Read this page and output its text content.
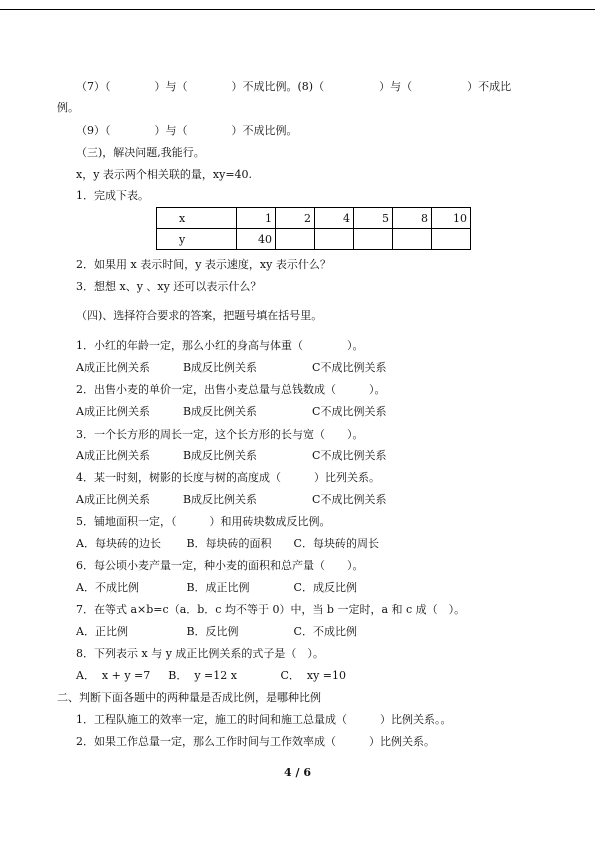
（7）（　　　　）与（　　　　）不成比例。(8)（　　　　　）与（　　　　　）不成比
例。
（9）（　　　　）与（　　　　）不成比例。
（三)，解决问题,我能行。
x，y 表示两个相关联的量，xy=40.
1．完成下表。
x	1	2	4	5	8	10
y	40					
2．如果用 x 表示时间，y 表示速度，xy 表示什么？
3．想想 x、y 、xy 还可以表示什么？
（四)、选择符合要求的答案，把题号填在括号里。
1．小红的年龄一定，那么小红的身高与体重（　　　　）。
A成正比例关系　　　B成反比例关系　　　　　C不成比例关系
2．出售小麦的单价一定，出售小麦总量与总钱数成（　　　）。
A成正比例关系　　　B成反比例关系　　　　　C不成比例关系
3．一个长方形的周长一定，这个长方形的长与宽（　　）。
A成正比例关系　　　B成反比例关系　　　　　C不成比例关系
4．某一时刻，树影的长度与树的高度成（　　　）比列关系。
A成正比例关系　　　B成反比例关系　　　　　C不成比例关系
5．铺地面积一定，（　　　）和用砖块数成反比例。
A．每块砖的边长　　 B．每块砖的面积　　C．每块砖的周长
6．每公顷小麦产量一定，种小麦的面积和总产量（　　）。
A．不成比例　　　　 B．成正比例　　　　C．成反比例
7．在等式 a×b=c（a．b．c 均不等于 0）中，当 b 一定时，a 和 c 成（　）。
A．正比例　　　　　 B．反比例　　　　　C．不成比例
8．下列表示 x 与 y 成正比例关系的式子是（　）。
A．  x + y =7　  B．  y =12 x　　　   C．  xy =10
二、判断下面各题中的两种量是否成比例，是哪种比例
1．工程队施工的效率一定，施工的时间和施工总量成（　　　）比例关系。。
2．如果工作总量一定，那么工作时间与工作效率成（　　　）比例关系。
4 / 6
